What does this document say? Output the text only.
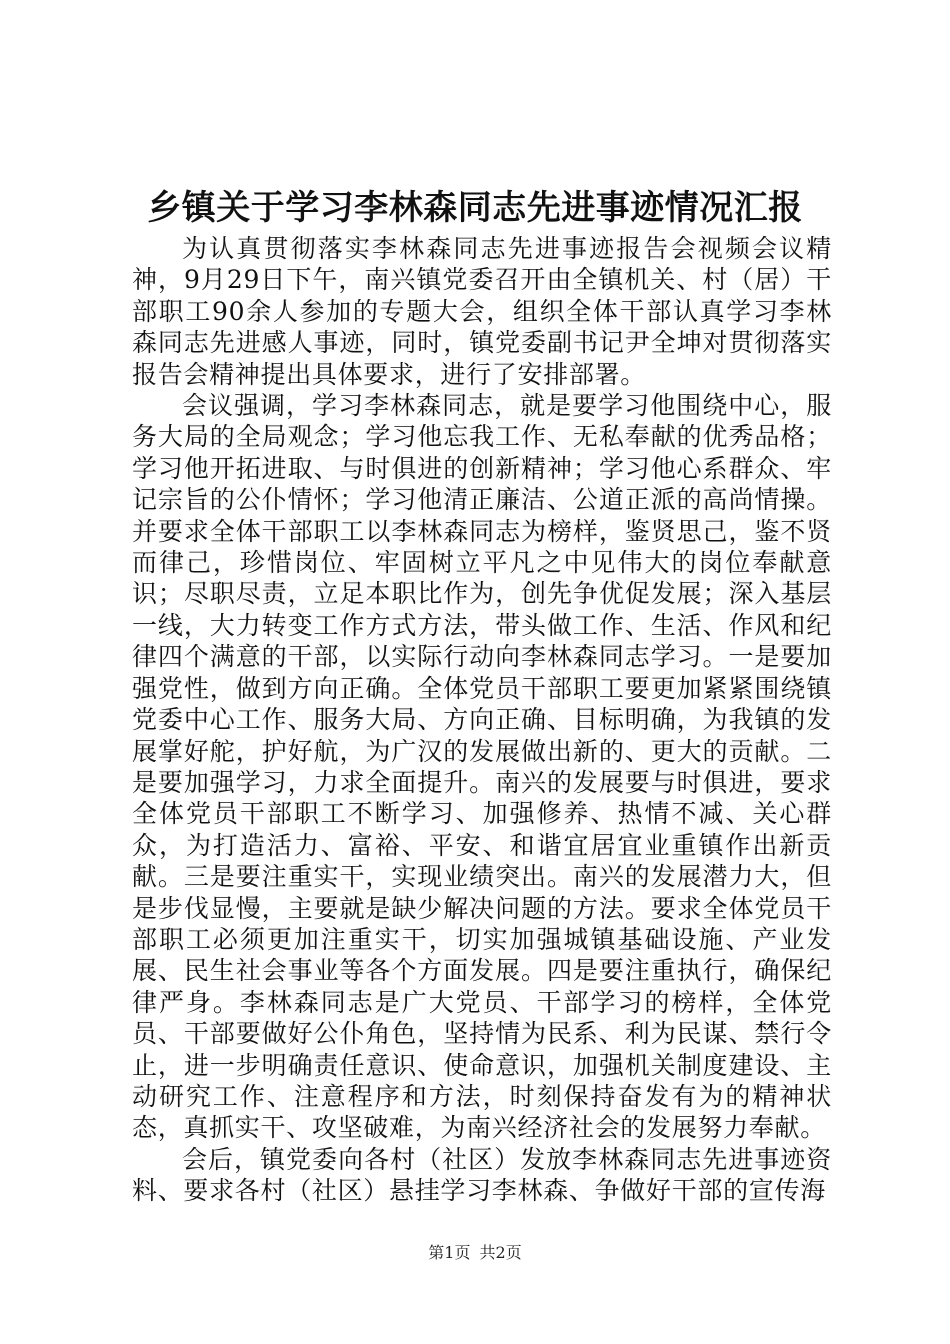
乡镇关于学习李林森同志先进事迹情况汇报

为认真贯彻落实李林森同志先进事迹报告会视频会议精神，9月29日下午，南兴镇党委召开由全镇机关、村（居）干部职工90余人参加的专题大会，组织全体干部认真学习李林森同志先进感人事迹，同时，镇党委副书记尹全坤对贯彻落实报告会精神提出具体要求，进行了安排部署。

会议强调，学习李林森同志，就是要学习他围绕中心，服务大局的全局观念；学习他忘我工作、无私奉献的优秀品格；学习他开拓进取、与时俱进的创新精神；学习他心系群众、牢记宗旨的公仆情怀；学习他清正廉洁、公道正派的高尚情操。并要求全体干部职工以李林森同志为榜样，鉴贤思己，鉴不贤而律己，珍惜岗位、牢固树立平凡之中见伟大的岗位奉献意识；尽职尽责，立足本职比作为，创先争优促发展；深入基层一线，大力转变工作方式方法，带头做工作、生活、作风和纪律四个满意的干部，以实际行动向李林森同志学习。一是要加强党性，做到方向正确。全体党员干部职工要更加紧紧围绕镇党委中心工作、服务大局、方向正确、目标明确，为我镇的发展掌好舵，护好航，为广汉的发展做出新的、更大的贡献。二是要加强学习，力求全面提升。南兴的发展要与时俱进，要求全体党员干部职工不断学习、加强修养、热情不减、关心群众，为打造活力、富裕、平安、和谐宜居宜业重镇作出新贡献。三是要注重实干，实现业绩突出。南兴的发展潜力大，但是步伐显慢，主要就是缺少解决问题的方法。要求全体党员干部职工必须更加注重实干，切实加强城镇基础设施、产业发展、民生社会事业等各个方面发展。四是要注重执行，确保纪律严身。李林森同志是广大党员、干部学习的榜样，全体党员、干部要做好公仆角色，坚持情为民系、利为民谋、禁行令止，进一步明确责任意识、使命意识，加强机关制度建设、主动研究工作、注意程序和方法，时刻保持奋发有为的精神状态，真抓实干、攻坚破难，为南兴经济社会的发展努力奉献。

会后，镇党委向各村（社区）发放李林森同志先进事迹资料、要求各村（社区）悬挂学习李林森、争做好干部的宣传海

第1页 共2页
